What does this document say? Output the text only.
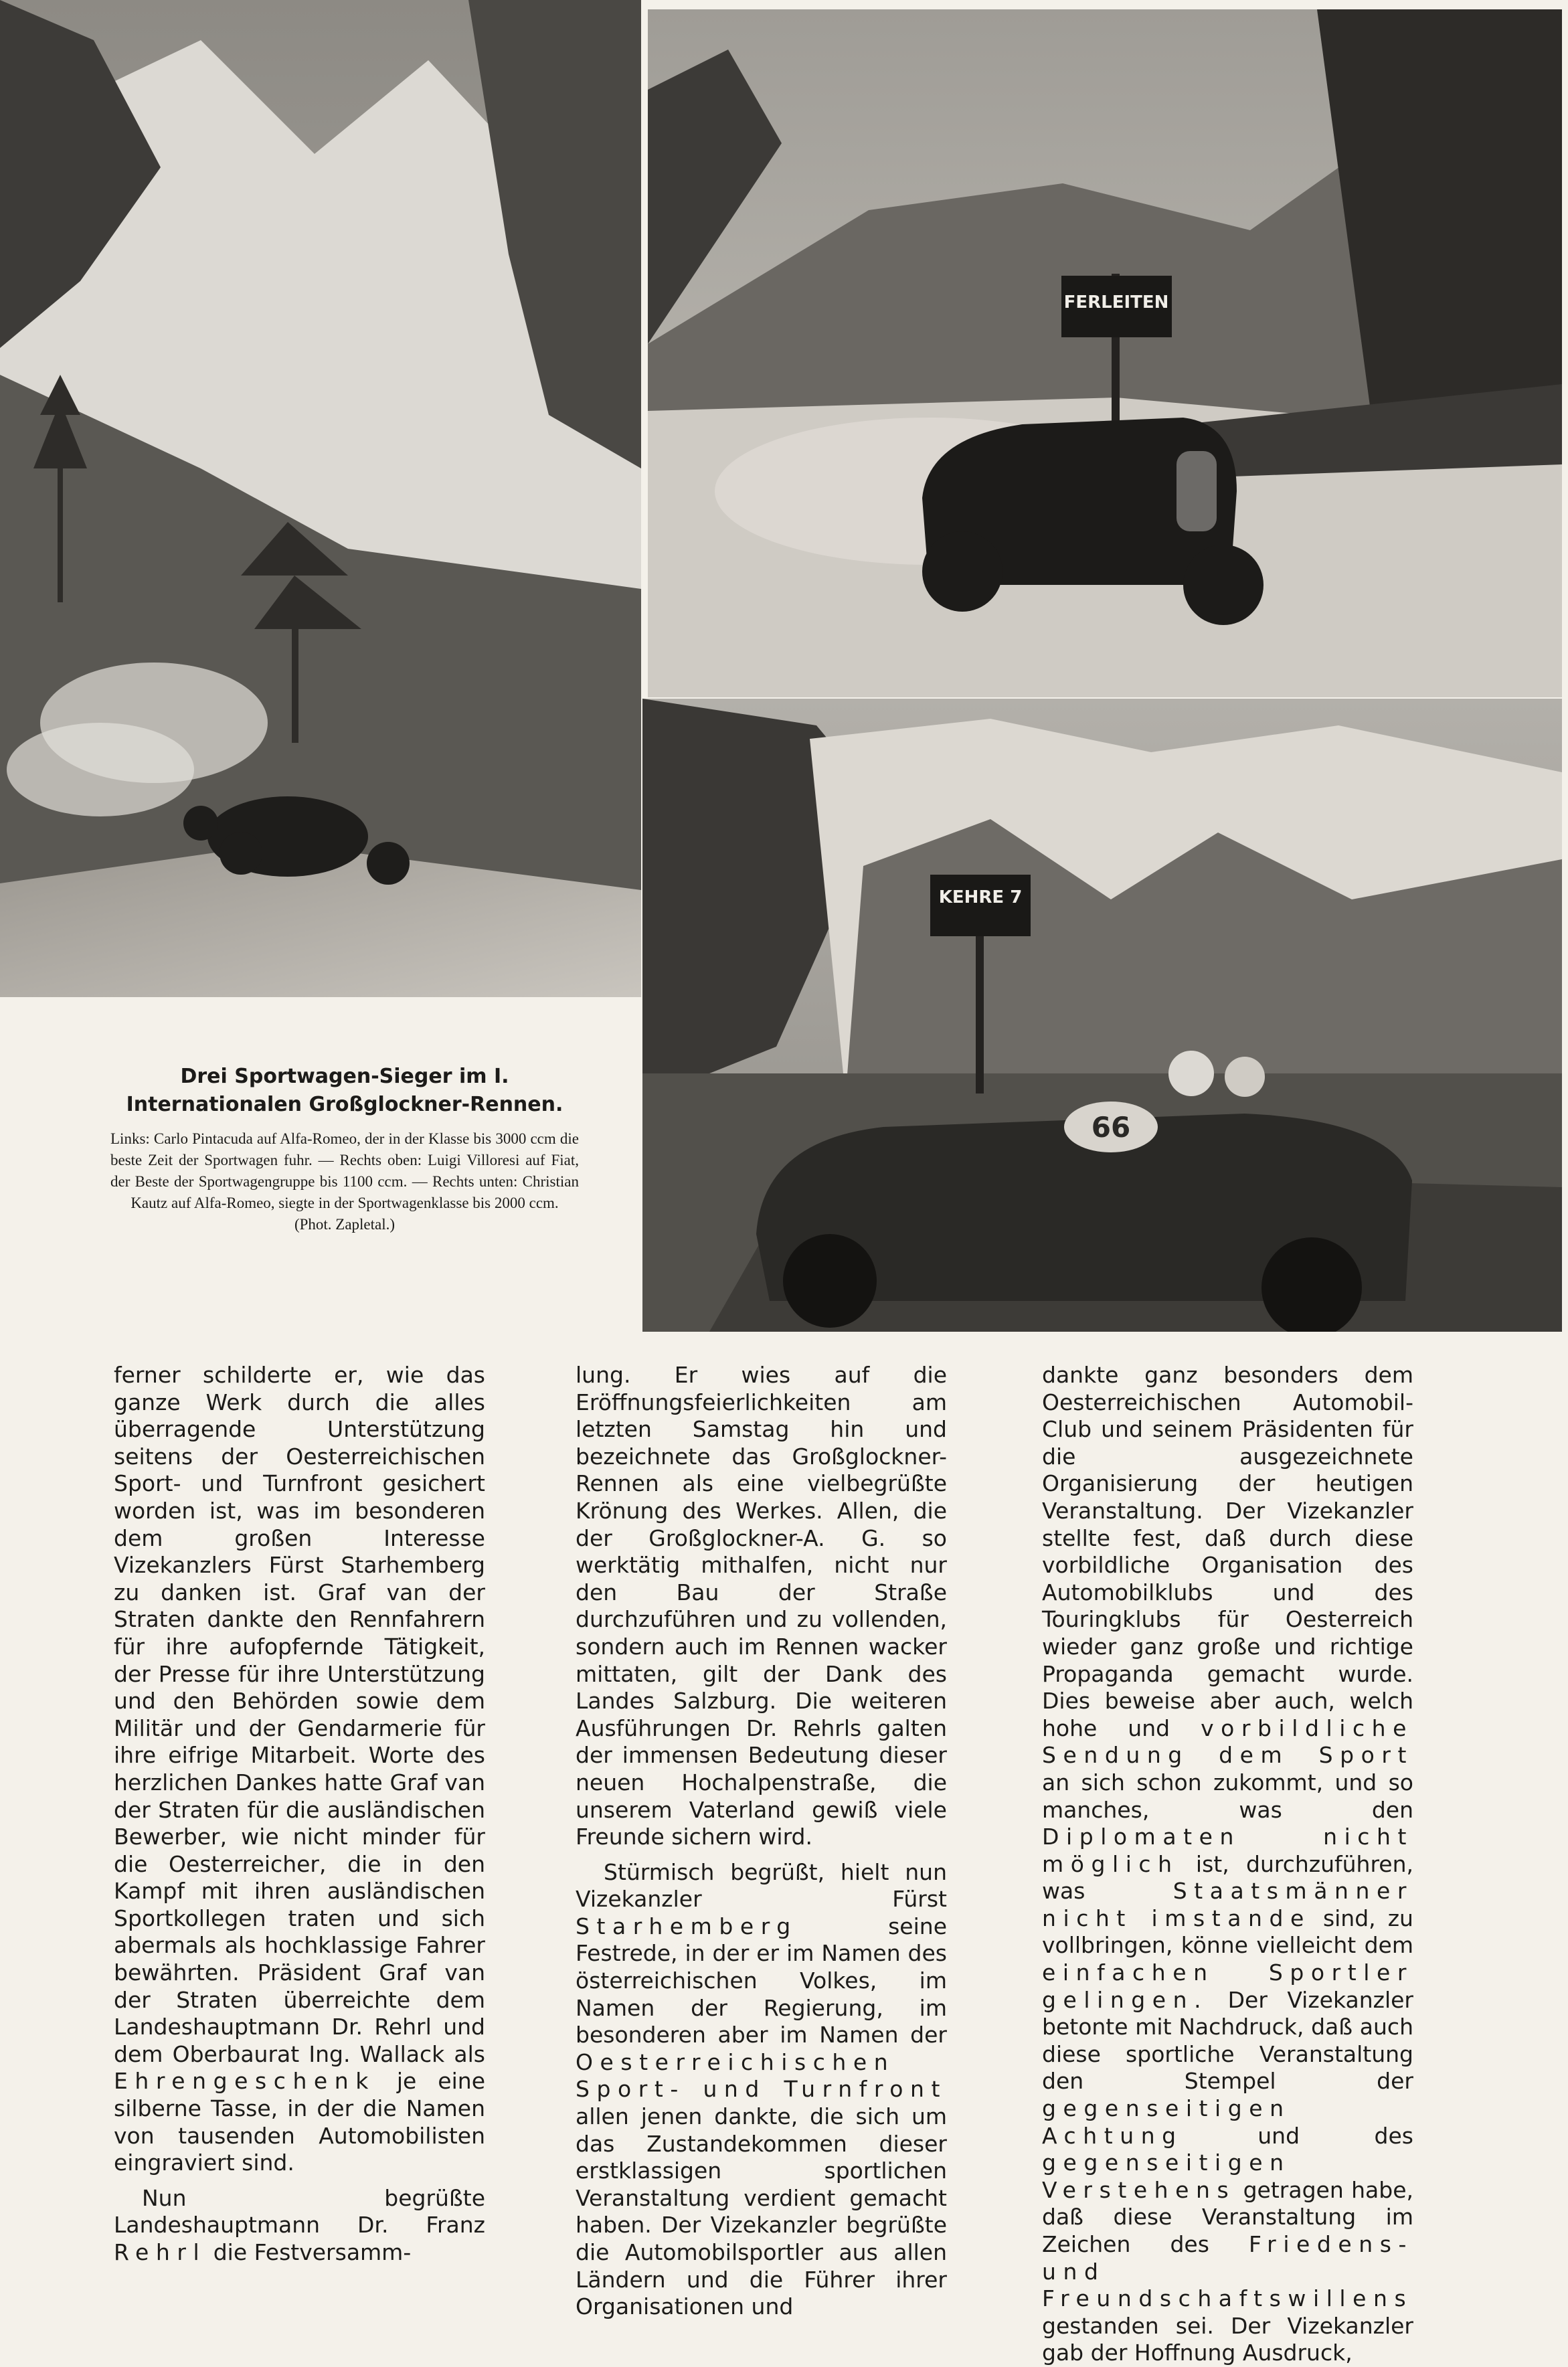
FERLEITEN
KEHRE 7
66

Drei Sportwagen-Sieger im I. Internationalen Großglockner-Rennen.

Links: Carlo Pintacuda auf Alfa-Romeo, der in der Klasse bis 3000 ccm die beste Zeit der Sportwagen fuhr. — Rechts oben: Luigi Villoresi auf Fiat, der Beste der Sportwagengruppe bis 1100 ccm. — Rechts unten: Christian Kautz auf Alfa-Romeo, siegte in der Sportwagenklasse bis 2000 ccm.

(Phot. Zapletal.)

ferner schilderte er, wie das ganze Werk durch die alles überragende Unterstützung seitens der Oesterreichischen Sport- und Turnfront gesichert worden ist, was im besonderen dem großen Interesse Vizekanzlers Fürst Starhemberg zu danken ist. Graf van der Straten dankte den Rennfahrern für ihre aufopfernde Tätigkeit, der Presse für ihre Unterstützung und den Behörden sowie dem Militär und der Gendarmerie für ihre eifrige Mitarbeit. Worte des herzlichen Dankes hatte Graf van der Straten für die ausländischen Bewerber, wie nicht minder für die Oesterreicher, die in den Kampf mit ihren ausländischen Sportkollegen traten und sich abermals als hochklassige Fahrer bewährten. Präsident Graf van der Straten überreichte dem Landeshauptmann Dr. Rehrl und dem Oberbaurat Ing. Wallack als Ehrengeschenk je eine silberne Tasse, in der die Namen von tausenden Automobilisten eingraviert sind.

Nun begrüßte Landeshauptmann Dr. Franz Rehrl die Festversamm-

lung. Er wies auf die Eröffnungsfeierlichkeiten am letzten Samstag hin und bezeichnete das Großglockner-Rennen als eine vielbegrüßte Krönung des Werkes. Allen, die der Großglockner-A. G. so werktätig mithalfen, nicht nur den Bau der Straße durchzuführen und zu vollenden, sondern auch im Rennen wacker mittaten, gilt der Dank des Landes Salzburg. Die weiteren Ausführungen Dr. Rehrls galten der immensen Bedeutung dieser neuen Hochalpenstraße, die unserem Vaterland gewiß viele Freunde sichern wird.

Stürmisch begrüßt, hielt nun Vizekanzler Fürst Starhemberg	seine Festrede, in der er im Namen des österreichischen Volkes, im Namen der Regierung, im besonderen aber im Namen der Oesterreichischen Sport- und Turnfront allen jenen dankte, die sich um das Zustandekommen dieser erstklassigen sportlichen Veranstaltung verdient gemacht haben. Der Vizekanzler begrüßte die Automobilsportler aus allen Ländern und die Führer ihrer Organisationen und

dankte ganz besonders dem Oesterreichischen Automobil-Club und seinem Präsidenten für die ausgezeichnete Organisierung der heutigen Veranstaltung. Der Vizekanzler stellte fest, daß durch diese vorbildliche Organisation des Automobilklubs und des Touringklubs für Oesterreich wieder ganz große und richtige Propaganda gemacht wurde. Dies beweise aber auch, welch hohe und vorbildliche Sendung dem Sport an sich schon zukommt, und so manches, was den Diplomaten nicht möglich ist, durchzuführen, was	Staatsmänner nicht imstande sind, zu vollbringen, könne vielleicht dem einfachen Sportler gelingen. Der Vizekanzler betonte mit Nachdruck, daß auch diese sportliche Veranstaltung den Stempel der gegenseitigen Achtung	und des gegenseitigen Verstehens getragen habe, daß diese Veranstaltung im Zeichen des Friedens- und Freundschaftswillens gestanden sei. Der Vizekanzler gab der Hoffnung Ausdruck,
